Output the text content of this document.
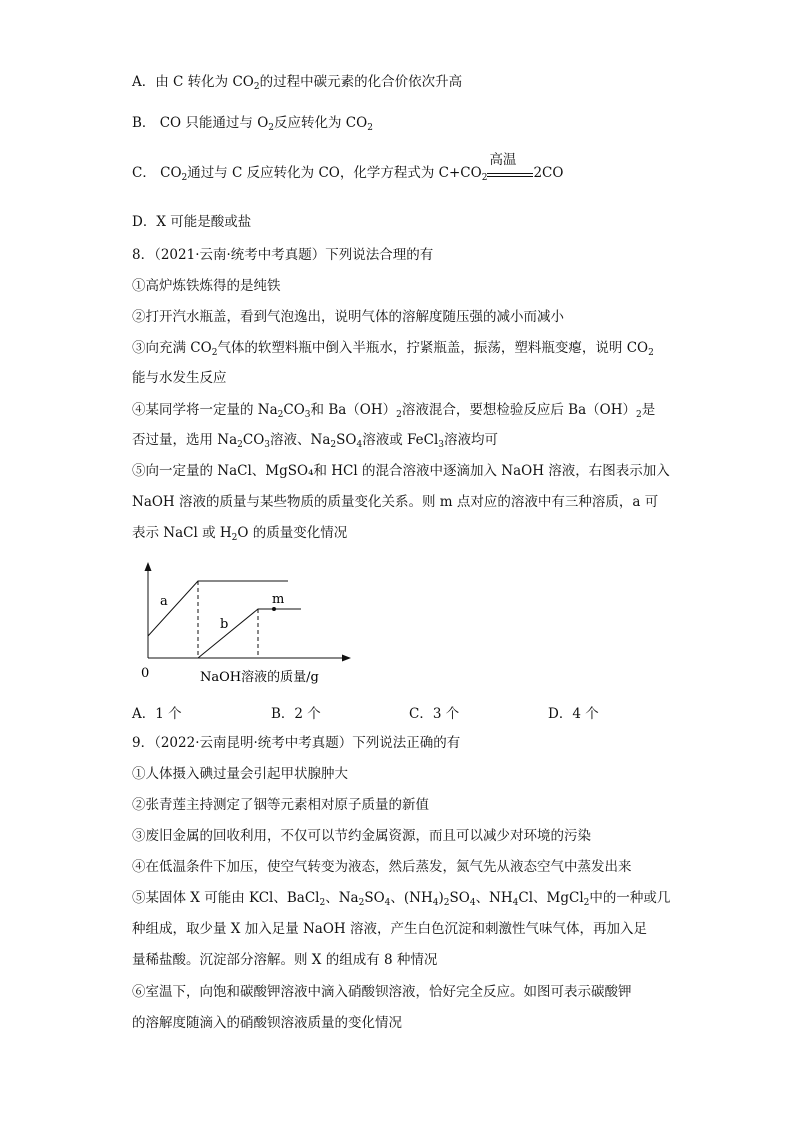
A．由 C 转化为 $CO_2$的过程中碳元素的化合价依次升高
B． CO 只能通过与 $O_2$反应转化为 $CO_2$
C． $CO_2$通过与 C 反应转化为 CO，化学方程式为 $C+CO_2$
高温
2CO
D．X 可能是酸或盐
8．（2021·云南·统考中考真题）下列说法合理的有
①高炉炼铁炼得的是纯铁
②打开汽水瓶盖，看到气泡逸出，说明气体的溶解度随压强的减小而减小
③向充满 $CO_2$气体的软塑料瓶中倒入半瓶水，拧紧瓶盖，振荡，塑料瓶变瘪，说明 $CO_2$
能与水发生反应
④某同学将一定量的 $Na_2CO_3$和 $Ba(OH)_2$溶液混合，要想检验反应后 $Ba(OH)_2$是
否过量，选用 $Na_2CO_3$溶液、$Na_2SO_4$溶液或 FeCl$_3$溶液均可
⑤向一定量的 NaCl、MgSO₄和 HCl 的混合溶液中逐滴加入 NaOH 溶液，右图表示加入
NaOH 溶液的质量与某些物质的质量变化关系。则 m 点对应的溶液中有三种溶质，a 可
表示 NaCl 或 $H_2O$ 的质量变化情况
a
b
m
0	NaOH溶液的质量/g
A．1 个	B．2 个	C．3 个	D．4 个
9．（2022·云南昆明·统考中考真题）下列说法正确的有
①人体摄入碘过量会引起甲状腺肿大
②张青莲主持测定了铟等元素相对原子质量的新值
③废旧金属的回收利用，不仅可以节约金属资源，而且可以减少对环境的污染
④在低温条件下加压，使空气转变为液态，然后蒸发，氮气先从液态空气中蒸发出来
⑤某固体 X 可能由 KCl、BaCl$_2$、$Na_2SO_4$、$(NH_4)_2SO_4$、$NH_4Cl$、MgCl$_2$中的一种或几
种组成，取少量 X 加入足量 NaOH 溶液，产生白色沉淀和刺激性气味气体，再加入足
量稀盐酸。沉淀部分溶解。则 X 的组成有 8 种情况
⑥室温下，向饱和碳酸钾溶液中滴入硝酸钡溶液，恰好完全反应。如图可表示碳酸钾
的溶解度随滴入的硝酸钡溶液质量的变化情况
